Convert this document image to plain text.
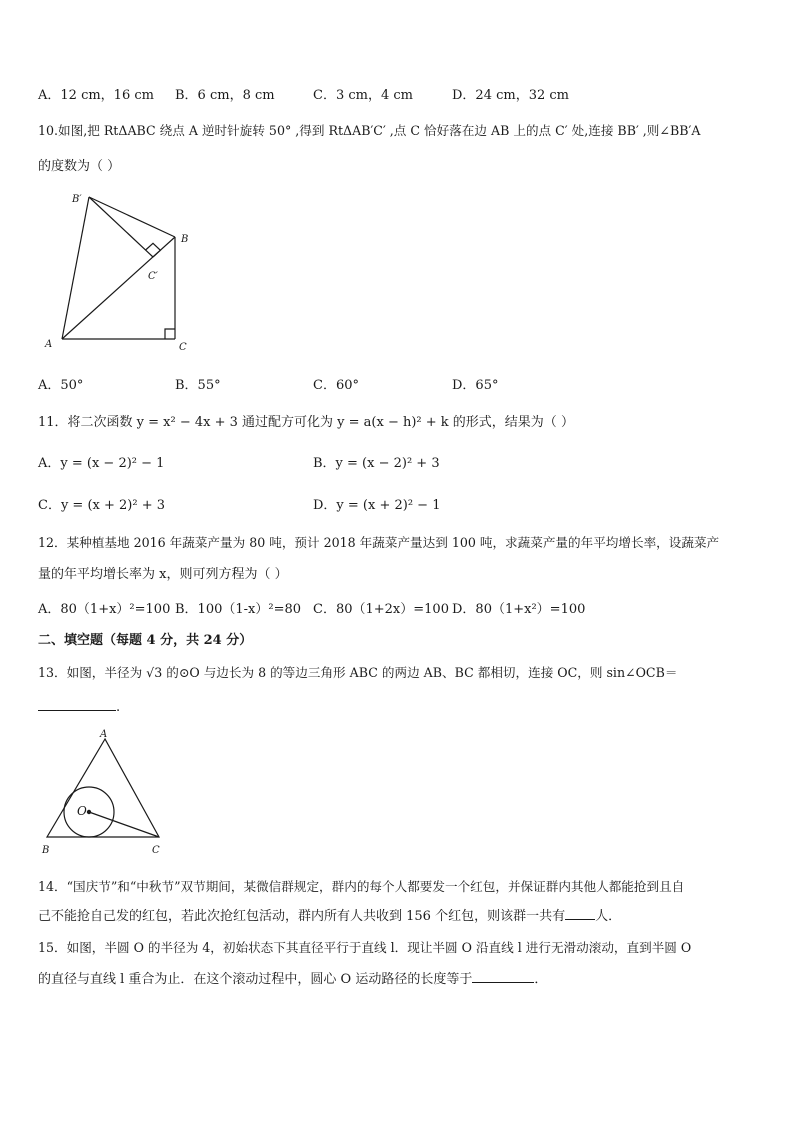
A．12 cm，16 cm B．6 cm，8 cm	C．3 cm，4 cm	D．24 cm，32 cm
10.如图,把 RtΔABC 绕点 A 逆时针旋转 50° ,得到 RtΔAB′C′ ,点 C 恰好落在边 AB 上的点 C′ 处,连接 BB′ ,则∠BB′A
的度数为（ ）
B′
B
C′
A	C
A．50°	B．55°	C．60°	D．65°
11．将二次函数 y = x² − 4x + 3 通过配方可化为 y = a(x − h)² + k 的形式，结果为（ ）
A．y = (x − 2)² − 1	B．y = (x − 2)² + 3
C．y = (x + 2)² + 3	D．y = (x + 2)² − 1
12．某种植基地 2016 年蔬菜产量为 80 吨，预计 2018 年蔬菜产量达到 100 吨，求蔬菜产量的年平均增长率，设蔬菜产
量的年平均增长率为 x，则可列方程为（ ）
A．80（1+x）²=100 B．100（1-x）²=80 C．80（1+2x）=100 D．80（1+x²）=100
二、填空题（每题 4 分，共 24 分）
13．如图，半径为 √3 的⊙O 与边长为 8 的等边三角形 ABC 的两边 AB、BC 都相切，连接 OC，则 sin∠OCB＝
.
A
O
B	C
14．“国庆节”和“中秋节”双节期间，某微信群规定，群内的每个人都要发一个红包，并保证群内其他人都能抢到且自
己不能抢自己发的红包，若此次抢红包活动，群内所有人共收到 156 个红包，则该群一共有 人．
15．如图，半圆 O 的半径为 4，初始状态下其直径平行于直线 l．现让半圆 O 沿直线 l 进行无滑动滚动，直到半圆 O
的直径与直线 l 重合为止．在这个滚动过程中，圆心 O 运动路径的长度等于	．
